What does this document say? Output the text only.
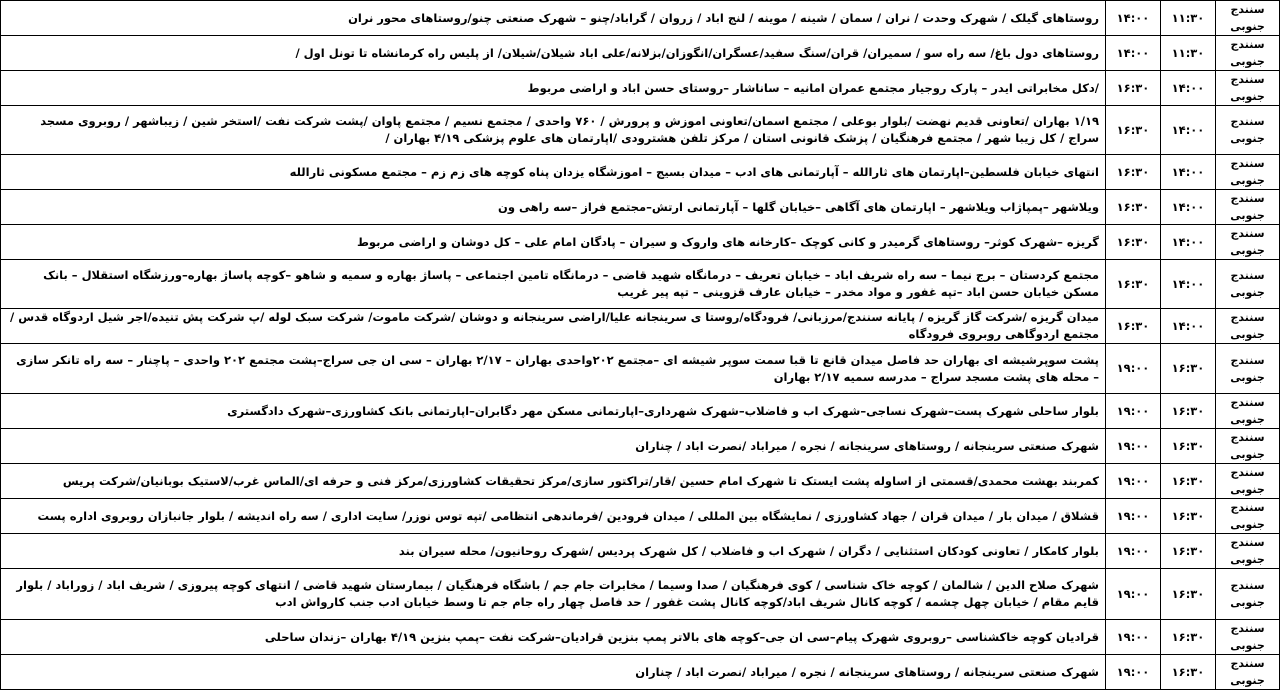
سنندج جنوبی	۱۱:۳۰	۱۴:۰۰	روستاهای گیلک / شهرک وحدت / نران / سمان / شینه / موینه / لنج اباد / زروان / گراباد/چنو – شهرک صنعتی چنو/روستاهای محور نران
سنندج جنوبی	۱۱:۳۰	۱۴:۰۰	روستاهای دول باغ/ سه راه سو / سمیران/ قران/سنگ سفید/عسگران/انگوزان/بزلانه/علی اباد شیلان/شیلان/ از پلیس راه کرمانشاه تا تونل اول /
سنندج جنوبی	۱۴:۰۰	۱۶:۳۰	/دکل مخابراتی ایدر – پارک روجیار مجتمع عمران امانیه – ساناشار –روستای حسن اباد و اراضی مربوط
سنندج جنوبی	۱۴:۰۰	۱۶:۳۰	۱/۱۹ بهاران /تعاونی قدیم نهضت /بلوار بوعلی / مجتمع اسمان/تعاونی اموزش و پرورش / ۷۶۰ واحدی / مجتمع نسیم / مجتمع پاوان /پشت شرکت نفت /استخر شین / زیباشهر / روبروی مسجد سراج / کل زیبا شهر / مجتمع فرهنگیان / پزشک قانونی استان / مرکز تلفن هشترودی /اپارتمان های علوم پزشکی ۴/۱۹ بهاران /
سنندج جنوبی	۱۴:۰۰	۱۶:۳۰	انتهای خیابان فلسطین–اپارتمان های ثارالله – آپارتمانی های ادب – میدان بسیج – اموزشگاه یزدان پناه کوچه های زم زم – مجتمع مسکونی ثارالله
سنندج جنوبی	۱۴:۰۰	۱۶:۳۰	ویلاشهر –پمپاژاب ویلاشهر – اپارتمان های آگاهی –خیابان گلها – آپارتمانی ارتش–مجتمع فراز –سه راهی ون
سنندج جنوبی	۱۴:۰۰	۱۶:۳۰	گریزه –شهرک کوثر– روستاهای گرمیدر و کانی کوچک –کارخانه های واروک و سیران – پادگان امام علی – کل دوشان و اراضی مربوط
سنندج جنوبی	۱۴:۰۰	۱۶:۳۰	مجتمع کردستان – برج نیما – سه راه شریف اباد – خیابان تعریف – درمانگاه شهید قاضی – درمانگاه تامین اجتماعی – پاساژ بهاره و سمیه و شاهو –کوچه پاساژ بهاره–ورزشگاه استقلال – بانک مسکن خیابان حسن اباد –تپه غفور و مواد مخدر – خیابان عارف قزوینی – تپه پیر غریب
سنندج جنوبی	۱۴:۰۰	۱۶:۳۰	میدان گریزه /شرکت گاز گریزه / پایانه سنندج/مرزبانی/ فرودگاه/روستا ی سرینجانه علیا/اراضی سرینجانه و دوشان /شرکت ماموت/ شرکت سبک لوله /پ شرکت پش تنیده/اجر شیل اردوگاه قدس / مجتمع اردوگاهی روبروی فرودگاه
سنندج جنوبی	۱۶:۳۰	۱۹:۰۰	پشت سوپرشیشه ای بهاران حد فاصل میدان قانع تا قبا سمت سوپر شیشه ای –مجتمع ۲۰۲واحدی بهاران – ۲/۱۷ بهاران – سی ان جی سراج–پشت مجتمع ۲۰۲ واحدی – پاچنار – سه راه تانکر سازی – محله های پشت مسجد سراج – مدرسه سمیه ۲/۱۷ بهاران
سنندج جنوبی	۱۶:۳۰	۱۹:۰۰	بلوار ساحلی شهرک پست–شهرک نساجی–شهرک اب و فاضلاب–شهرک شهرداری–اپارتمانی مسکن مهر دگابران–اپارتمانی بانک کشاورزی–شهرک دادگستری
سنندج جنوبی	۱۶:۳۰	۱۹:۰۰	شهرک صنعتی سرینجانه / روستاهای سرینجانه / نجره / میراباد /نصرت اباد / چناران
سنندج جنوبی	۱۶:۳۰	۱۹:۰۰	کمربند بهشت محمدی/قسمتی از اساوله پشت ایستک تا شهرک امام حسین /قار/تراکتور سازی/مرکز تحقیقات کشاورزی/مرکز فنی و حرفه ای/الماس غرب/لاستیک بوبانیان/شرکت پریس
سنندج جنوبی	۱۶:۳۰	۱۹:۰۰	قشلاق / میدان بار / میدان قران / جهاد کشاورزی / نمایشگاه بین المللی / میدان فرودین /فرماندهی انتظامی /تپه توس نوزر/ سایت اداری / سه راه اندیشه / بلوار جانبازان روبروی اداره پست
سنندج جنوبی	۱۶:۳۰	۱۹:۰۰	بلوار کامکار / تعاونی کودکان استثنایی / دگران / شهرک اب و فاضلاب / کل شهرک پردیس /شهرک روحانیون/ محله سیران بند
سنندج جنوبی	۱۶:۳۰	۱۹:۰۰	شهرک صلاح الدین / شالمان / کوچه خاک شناسی / کوی فرهنگیان / صدا وسیما / مخابرات جام جم / باشگاه فرهنگیان / بیمارستان شهید قاضی / انتهای کوچه پیروزی / شریف اباد / زوراباد / بلوار قایم مقام / خیابان چهل چشمه / کوچه کانال شریف اباد/کوچه کانال پشت غفور / حد فاصل چهار راه جام جم تا وسط خیابان ادب جنب کارواش ادب
سنندج جنوبی	۱۶:۳۰	۱۹:۰۰	قرادیان کوچه خاکشناسی –روبروی شهرک پیام–سی ان جی–کوچه های بالاتر پمپ بنزین قرادیان–شرکت نفت –پمپ بنزین ۴/۱۹ بهاران –زندان ساحلی
سنندج جنوبی	۱۶:۳۰	۱۹:۰۰	شهرک صنعتی سرینجانه / روستاهای سرینجانه / نجره / میراباد /نصرت اباد / چناران
